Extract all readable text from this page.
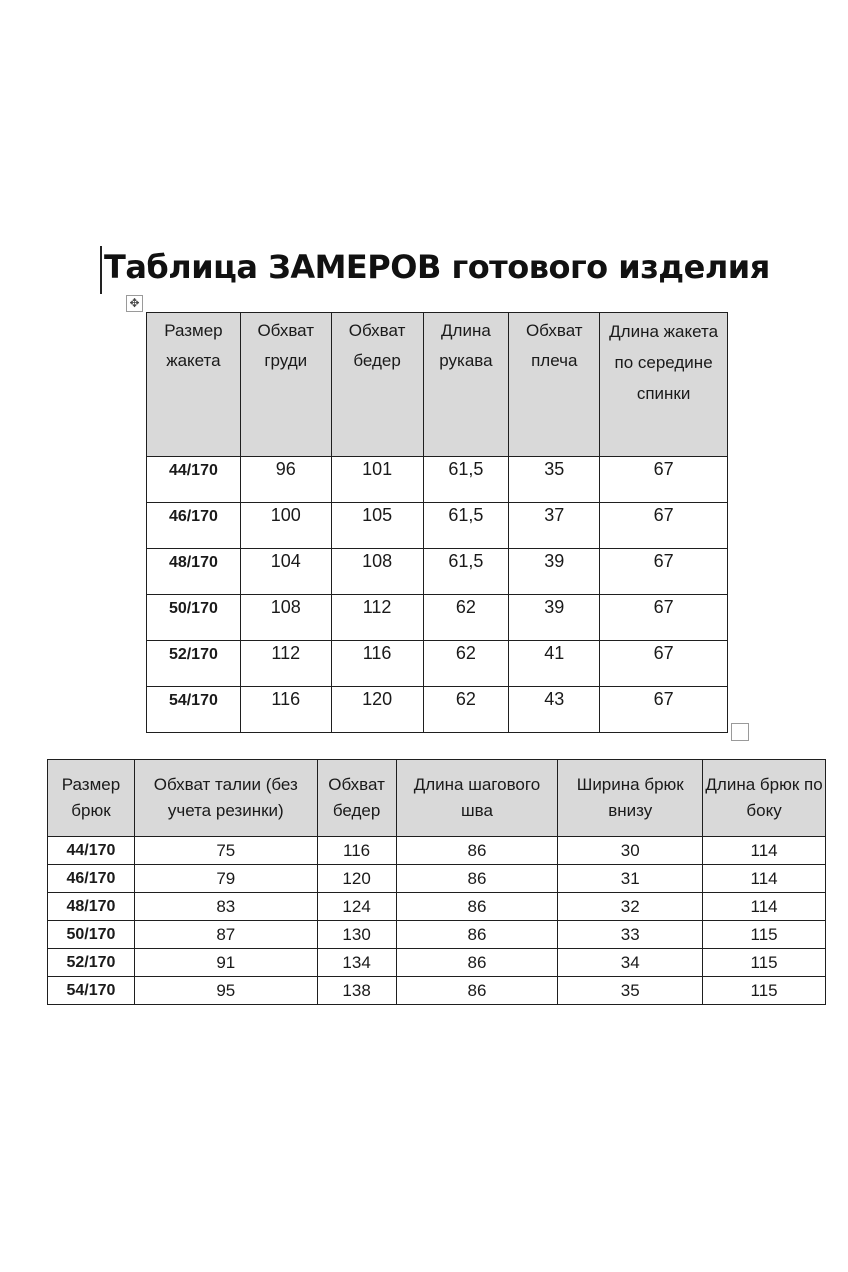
Таблица ЗАМЕРОВ готового изделия
✥
Размер жакета	Обхват груди	Обхват бедер	Длина рукава	Обхват плеча	Длина жакета по середине спинки
44/170	96	101	61,5	35	67
46/170	100	105	61,5	37	67
48/170	104	108	61,5	39	67
50/170	108	112	62	39	67
52/170	112	116	62	41	67
54/170	116	120	62	43	67
Размер брюк	Обхват талии (без учета резинки)	Обхват бедер	Длина шагового шва	Ширина брюк внизу	Длина брюк по боку
44/170	75	116	86	30	114
46/170	79	120	86	31	114
48/170	83	124	86	32	114
50/170	87	130	86	33	115
52/170	91	134	86	34	115
54/170	95	138	86	35	115
